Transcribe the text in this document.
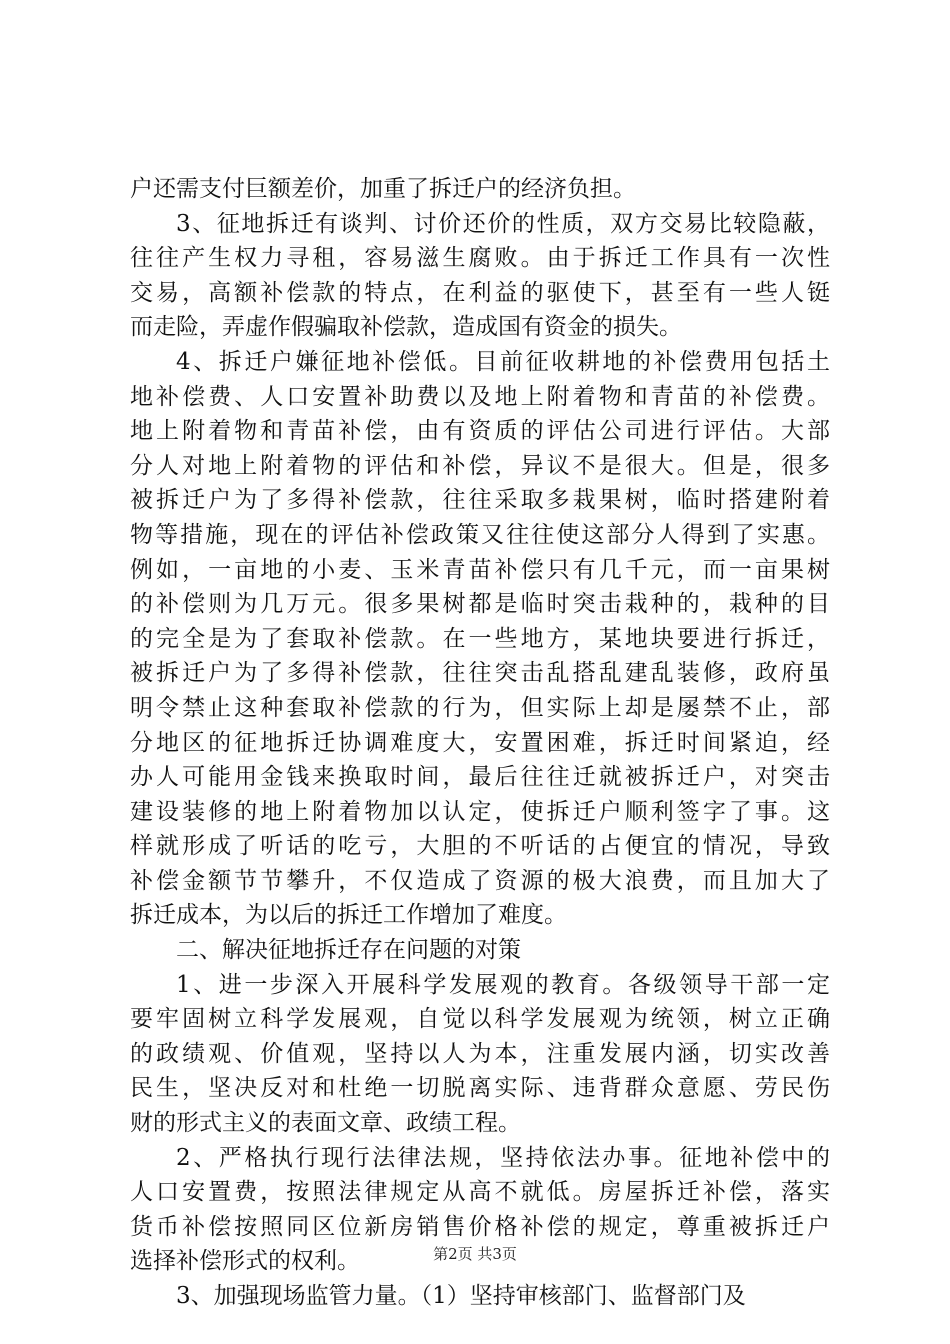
户还需支付巨额差价，加重了拆迁户的经济负担。
3、征地拆迁有谈判、讨价还价的性质，双方交易比较隐蔽，
往往产生权力寻租，容易滋生腐败。由于拆迁工作具有一次性
交易，高额补偿款的特点，在利益的驱使下，甚至有一些人铤
而走险，弄虚作假骗取补偿款，造成国有资金的损失。
4、拆迁户嫌征地补偿低。目前征收耕地的补偿费用包括土
地补偿费、人口安置补助费以及地上附着物和青苗的补偿费。
地上附着物和青苗补偿，由有资质的评估公司进行评估。大部
分人对地上附着物的评估和补偿，异议不是很大。但是，很多
被拆迁户为了多得补偿款，往往采取多栽果树，临时搭建附着
物等措施，现在的评估补偿政策又往往使这部分人得到了实惠。
例如，一亩地的小麦、玉米青苗补偿只有几千元，而一亩果树
的补偿则为几万元。很多果树都是临时突击栽种的，栽种的目
的完全是为了套取补偿款。在一些地方，某地块要进行拆迁，
被拆迁户为了多得补偿款，往往突击乱搭乱建乱装修，政府虽
明令禁止这种套取补偿款的行为，但实际上却是屡禁不止，部
分地区的征地拆迁协调难度大，安置困难，拆迁时间紧迫，经
办人可能用金钱来换取时间，最后往往迁就被拆迁户，对突击
建设装修的地上附着物加以认定，使拆迁户顺利签字了事。这
样就形成了听话的吃亏，大胆的不听话的占便宜的情况，导致
补偿金额节节攀升，不仅造成了资源的极大浪费，而且加大了
拆迁成本，为以后的拆迁工作增加了难度。
二、解决征地拆迁存在问题的对策
1、进一步深入开展科学发展观的教育。各级领导干部一定
要牢固树立科学发展观，自觉以科学发展观为统领，树立正确
的政绩观、价值观，坚持以人为本，注重发展内涵，切实改善
民生，坚决反对和杜绝一切脱离实际、违背群众意愿、劳民伤
财的形式主义的表面文章、政绩工程。
2、严格执行现行法律法规，坚持依法办事。征地补偿中的
人口安置费，按照法律规定从高不就低。房屋拆迁补偿，落实
货币补偿按照同区位新房销售价格补偿的规定，尊重被拆迁户
选择补偿形式的权利。
3、加强现场监管力量。（1）坚持审核部门、监督部门及
第2页 共3页
